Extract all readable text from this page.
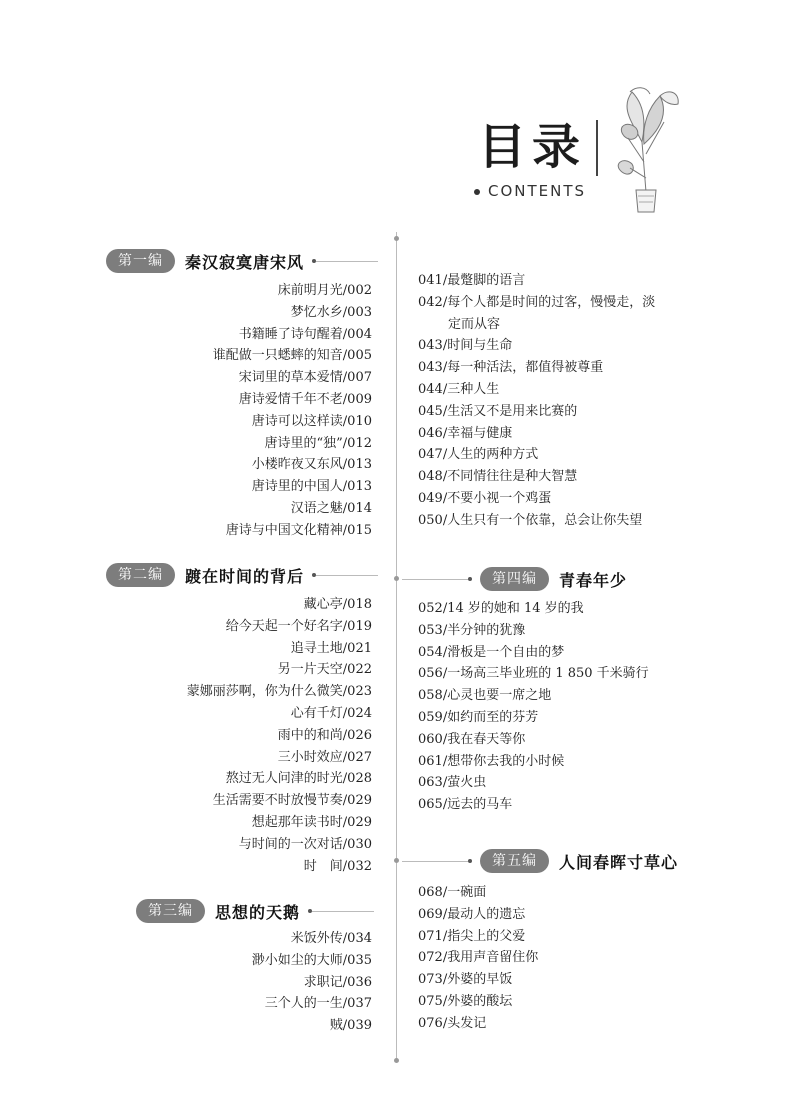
目录
CONTENTS
第一编	秦汉寂寞唐宋风
床前明月光/002
梦忆水乡/003
书籍睡了诗句醒着/004
谁配做一只蟋蟀的知音/005
宋词里的草本爱情/007
唐诗爱情千年不老/009
唐诗可以这样读/010
唐诗里的“独”/012
小楼昨夜又东风/013
唐诗里的中国人/013
汉语之魅/014
唐诗与中国文化精神/015
041/最蹩脚的语言
042/每个人都是时间的过客，慢慢走，淡
定而从容
043/时间与生命
043/每一种活法，都值得被尊重
044/三种人生
045/生活又不是用来比赛的
046/幸福与健康
047/人生的两种方式
048/不同情往往是种大智慧
049/不要小视一个鸡蛋
050/人生只有一个依靠，总会让你失望
第二编	踱在时间的背后
藏心亭/018
给今天起一个好名字/019
追寻土地/021
另一片天空/022
蒙娜丽莎啊，你为什么微笑/023
心有千灯/024
雨中的和尚/026
三小时效应/027
熬过无人问津的时光/028
生活需要不时放慢节奏/029
想起那年读书时/029
与时间的一次对话/030
时　间/032
第四编	青春年少
052/14 岁的她和 14 岁的我
053/半分钟的犹豫
054/滑板是一个自由的梦
056/一场高三毕业班的 1 850 千米骑行
058/心灵也要一席之地
059/如约而至的芬芳
060/我在春天等你
061/想带你去我的小时候
063/萤火虫
065/远去的马车
第五编	人间春晖寸草心
068/一碗面
069/最动人的遗忘
071/指尖上的父爱
072/我用声音留住你
073/外婆的早饭
075/外婆的酸坛
076/头发记
第三编	思想的天鹅
米饭外传/034
渺小如尘的大师/035
求职记/036
三个人的一生/037
贼/039
